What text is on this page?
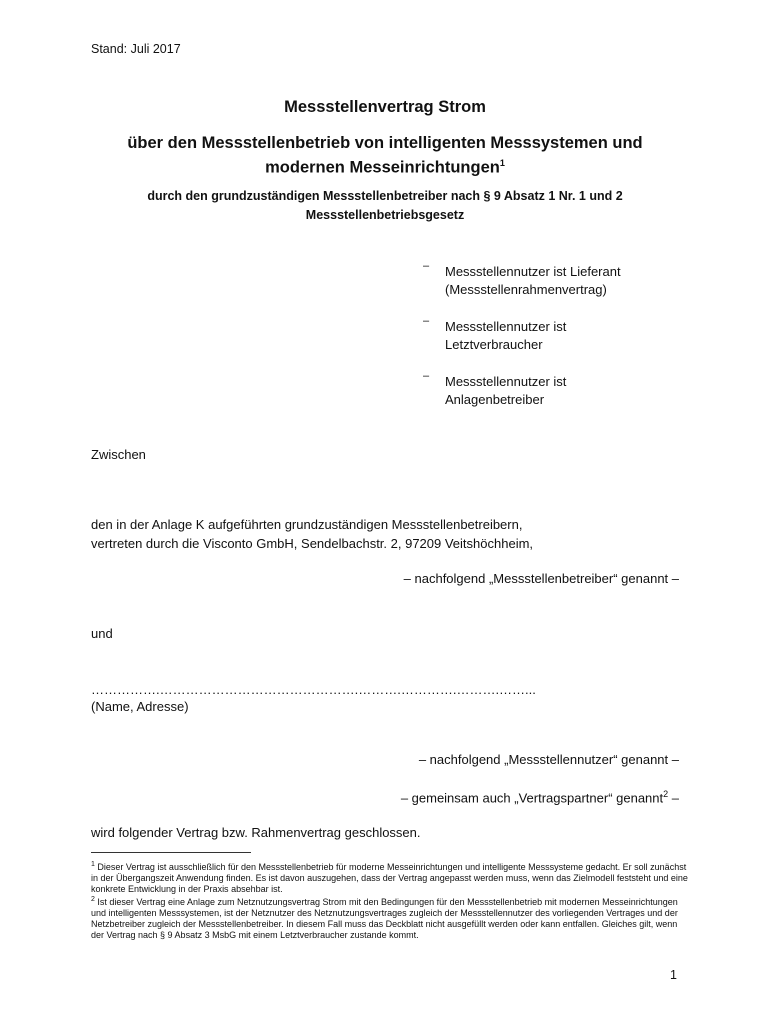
Stand: Juli 2017
Messstellenvertrag Strom
über den Messstellenbetrieb von intelligenten Messsystemen und
modernen Messeinrichtungen$^1$
durch den grundzuständigen Messstellenbetreiber nach § 9 Absatz 1 Nr. 1 und 2
Messstellenbetriebsgesetz
– Messstellennutzer ist Lieferant
(Messstellenrahmenvertrag)
– Messstellennutzer ist
Letztverbraucher
– Messstellennutzer ist
Anlagenbetreiber
Zwischen
den in der Anlage K aufgeführten grundzuständigen Messstellenbetreibern,
vertreten durch die Visconto GmbH, Sendelbachstr. 2, 97209 Veitshöchheim,
– nachfolgend „Messstellenbetreiber“ genannt –
und
…………….……………………………………….……….………….……….……...
(Name, Adresse)
– nachfolgend „Messstellennutzer“ genannt –
– gemeinsam auch „Vertragspartner“ genannt$^2$ –
wird folgender Vertrag bzw. Rahmenvertrag geschlossen.
$^1$ Dieser Vertrag ist ausschließlich für den Messstellenbetrieb für moderne Messeinrichtungen und intelligente Messsysteme gedacht. Er soll zunächst in der Übergangszeit Anwendung finden. Es ist davon auszugehen, dass der Vertrag angepasst werden muss, wenn das Zielmodell feststeht und eine konkrete Entwicklung in der Praxis absehbar ist.
$^2$ Ist dieser Vertrag eine Anlage zum Netznutzungsvertrag Strom mit den Bedingungen für den Messstellenbetrieb mit modernen Messeinrichtungen und intelligenten Messsystemen, ist der Netznutzer des Netznutzungsvertrages zugleich der Messstellennutzer des vorliegenden Vertrages und der Netzbetreiber zugleich der Messstellenbetreiber. In diesem Fall muss das Deckblatt nicht ausgefüllt werden oder kann entfallen. Gleiches gilt, wenn der Vertrag nach § 9 Absatz 3 MsbG mit einem Letztverbraucher zustande kommt.
1
